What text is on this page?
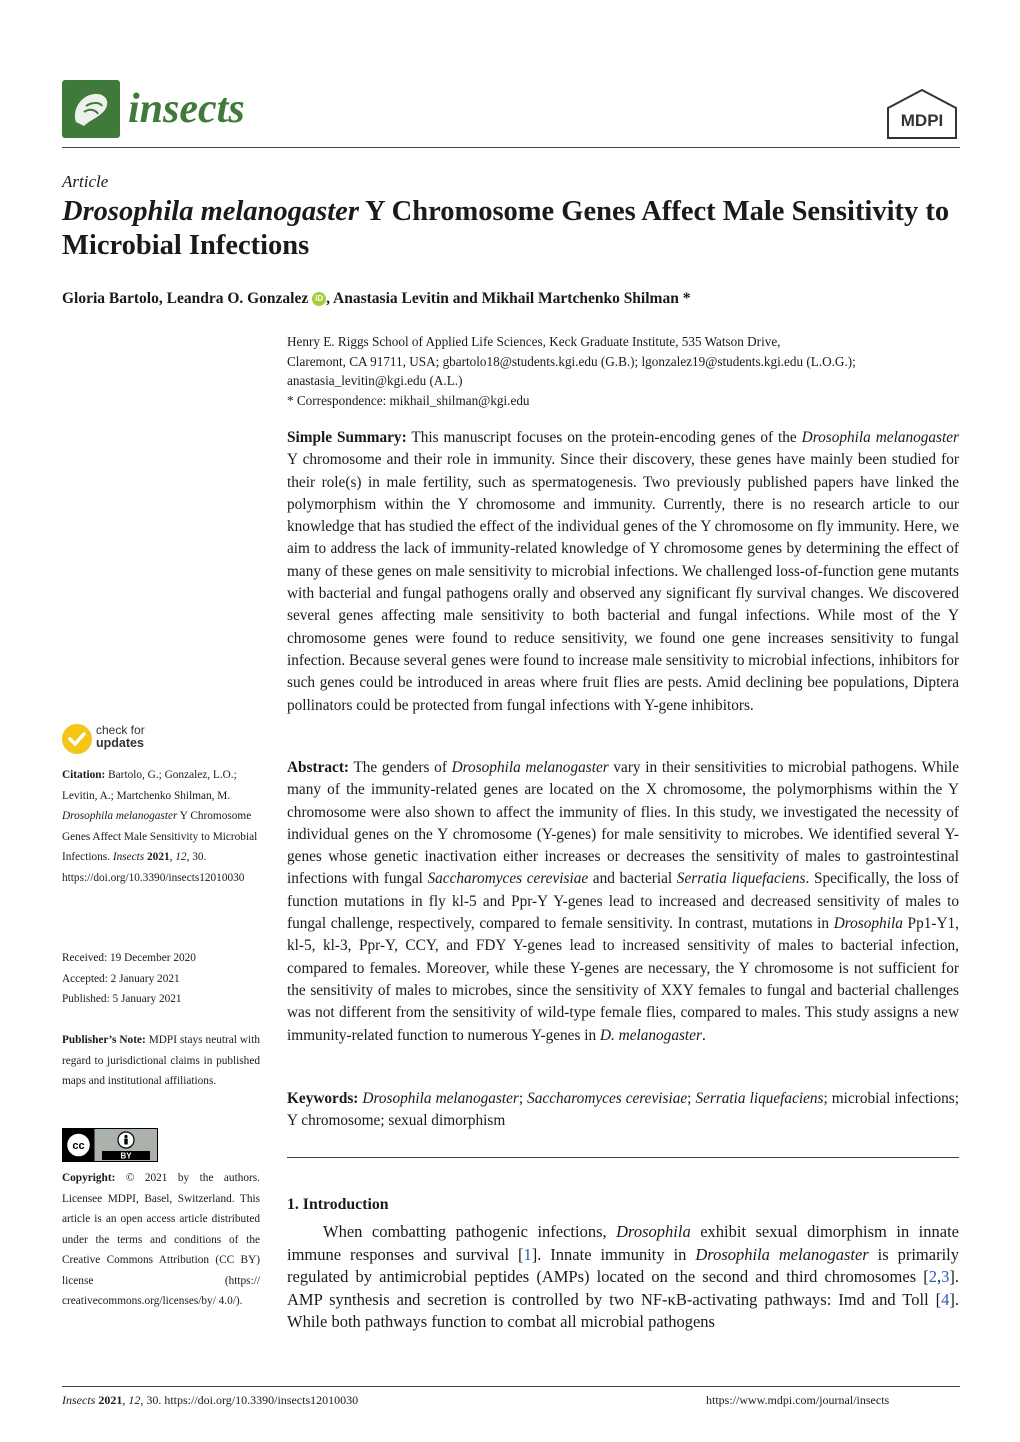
insects	MDPI
Article
Drosophila melanogaster Y Chromosome Genes Affect Male Sensitivity to Microbial Infections
Gloria Bartolo, Leandra O. Gonzalez iD , Anastasia Levitin and Mikhail Martchenko Shilman *

Henry E. Riggs School of Applied Life Sciences, Keck Graduate Institute, 535 Watson Drive,

Claremont, CA 91711, USA; gbartolo18@students.kgi.edu (G.B.); lgonzalez19@students.kgi.edu (L.O.G.);

anastasia_levitin@kgi.edu (A.L.)

* Correspondence: mikhail_shilman@kgi.edu

Simple Summary: This manuscript focuses on the protein-encoding genes of the Drosophila melanogaster Y chromosome and their role in immunity. Since their discovery, these genes have mainly been studied for their role(s) in male fertility, such as spermatogenesis. Two previously published papers have linked the polymorphism within the Y chromosome and immunity. Currently, there is no research article to our knowledge that has studied the effect of the individual genes of the Y chromosome on fly immunity. Here, we aim to address the lack of immunity-related knowledge of Y chromosome genes by determining the effect of many of these genes on male sensitivity to microbial infections. We challenged loss-of-function gene mutants with bacterial and fungal pathogens orally and observed any significant fly survival changes. We discovered several genes affecting male sensitivity to both bacterial and fungal infections. While most of the Y chromosome genes were found to reduce sensitivity, we found one gene increases sensitivity to fungal infection. Because several genes were found to increase male sensitivity to microbial infections, inhibitors for such genes could be introduced in areas where fruit flies are pests. Amid declining bee populations, Diptera pollinators could be protected from fungal infections with Y-gene inhibitors.

Abstract: The genders of Drosophila melanogaster vary in their sensitivities to microbial pathogens. While many of the immunity-related genes are located on the X chromosome, the polymorphisms within the Y chromosome were also shown to affect the immunity of flies. In this study, we investigated the necessity of individual genes on the Y chromosome (Y-genes) for male sensitivity to microbes. We identified several Y-genes whose genetic inactivation either increases or decreases the sensitivity of males to gastrointestinal infections with fungal Saccharomyces cerevisiae and bacterial Serratia liquefaciens. Specifically, the loss of function mutations in fly kl-5 and Ppr-Y Y-genes lead to increased and decreased sensitivity of males to fungal challenge, respectively, compared to female sensitivity. In contrast, mutations in Drosophila Pp1-Y1, kl-5, kl-3, Ppr-Y, CCY, and FDY Y-genes lead to increased sensitivity of males to bacterial infection, compared to females. Moreover, while these Y-genes are necessary, the Y chromosome is not sufficient for the sensitivity of males to microbes, since the sensitivity of XXY females to fungal and bacterial challenges was not different from the sensitivity of wild-type female flies, compared to males. This study assigns a new immunity-related function to numerous Y-genes in D. melanogaster.

Keywords: Drosophila melanogaster; Saccharomyces cerevisiae; Serratia liquefaciens; microbial infections; Y chromosome; sexual dimorphism

1. Introduction

When combatting pathogenic infections, Drosophila exhibit sexual dimorphism in innate immune responses and survival [1]. Innate immunity in Drosophila melanogaster is primarily regulated by antimicrobial peptides (AMPs) located on the second and third chromosomes [2,3]. AMP synthesis and secretion is controlled by two NF-κB-activating pathways: Imd and Toll [4]. While both pathways function to combat all microbial pathogens

check for
updates

Citation: Bartolo, G.; Gonzalez, L.O.; Levitin, A.; Martchenko Shilman, M. Drosophila melanogaster Y Chromosome Genes Affect Male Sensitivity to Microbial Infections. Insects 2021, 12, 30. https://doi.org/10.3390/insects12010030

Received: 19 December 2020

Accepted: 2 January 2021

Published: 5 January 2021

Publisher’s Note: MDPI stays neutral with regard to jurisdictional claims in published maps and institutional affiliations.

cc
BY

Copyright: © 2021 by the authors. Licensee MDPI, Basel, Switzerland. This article is an open access article distributed under the terms and conditions of the Creative Commons Attribution (CC BY) license (https:// creativecommons.org/licenses/by/ 4.0/).

Insects 2021, 12, 30. https://doi.org/10.3390/insects12010030	https://www.mdpi.com/journal/insects
